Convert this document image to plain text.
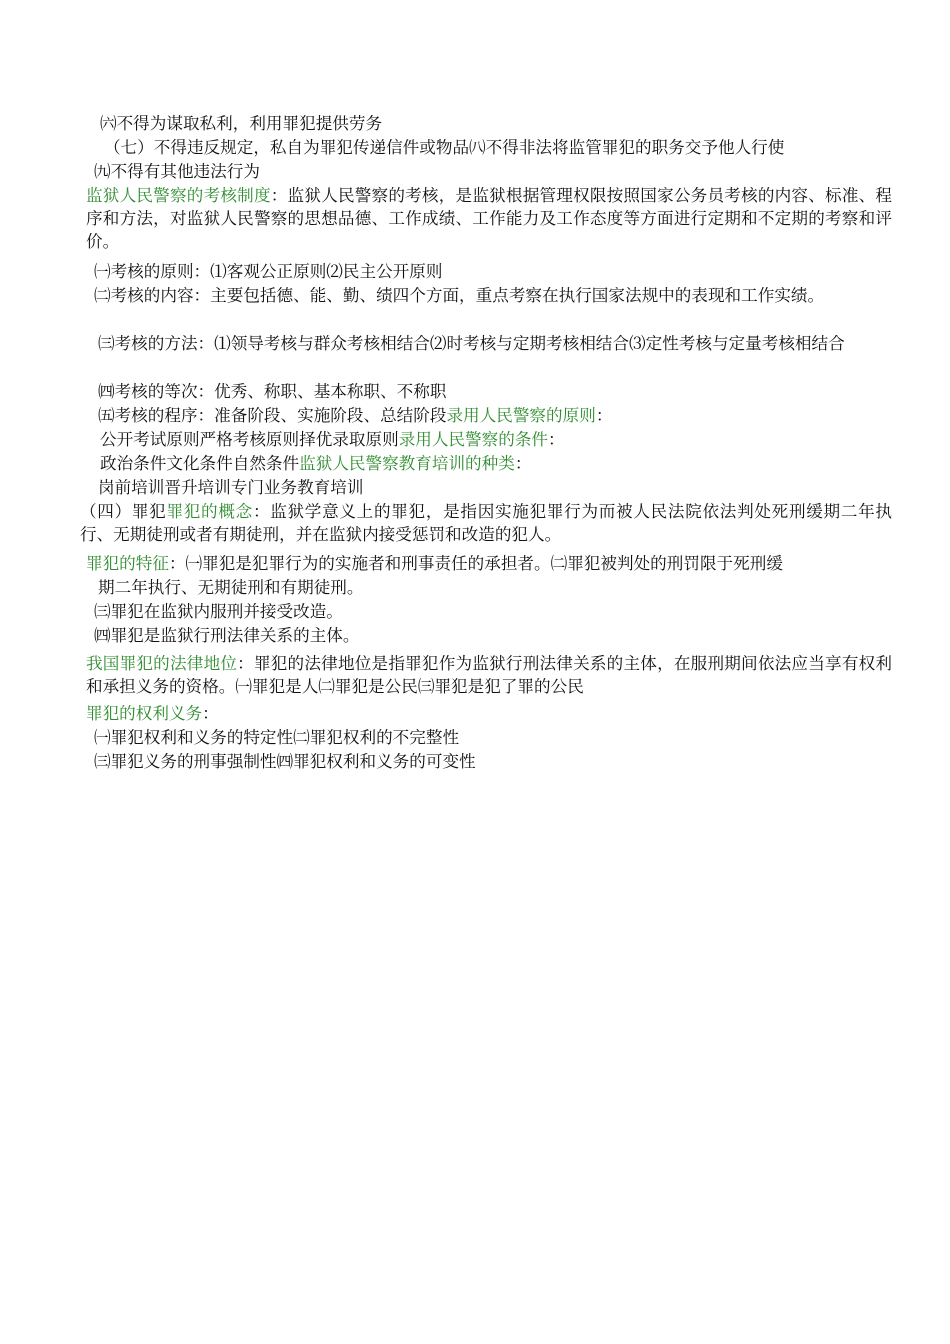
㈥不得为谋取私利，利用罪犯提供劳务
（七）不得违反规定，私自为罪犯传递信件或物品㈧不得非法将监管罪犯的职务交予他人行使
㈨不得有其他违法行为
监狱人民警察的考核制度：监狱人民警察的考核，是监狱根据管理权限按照国家公务员考核的内容、标准、程序和方法，对监狱人民警察的思想品德、工作成绩、工作能力及工作态度等方面进行定期和不定期的考察和评价。
㈠考核的原则：⑴客观公正原则⑵民主公开原则
㈡考核的内容：主要包括德、能、勤、绩四个方面，重点考察在执行国家法规中的表现和工作实绩。
㈢考核的方法：⑴领导考核与群众考核相结合⑵时考核与定期考核相结合⑶定性考核与定量考核相结合
㈣考核的等次：优秀、称职、基本称职、不称职
㈤考核的程序：准备阶段、实施阶段、总结阶段录用人民警察的原则：
公开考试原则严格考核原则择优录取原则录用人民警察的条件：
政治条件文化条件自然条件监狱人民警察教育培训的种类：
岗前培训晋升培训专门业务教育培训
（四）罪犯罪犯的概念：监狱学意义上的罪犯，是指因实施犯罪行为而被人民法院依法判处死刑缓期二年执行、无期徒刑或者有期徒刑，并在监狱内接受惩罚和改造的犯人。
罪犯的特征：㈠罪犯是犯罪行为的实施者和刑事责任的承担者。㈡罪犯被判处的刑罚限于死刑缓
期二年执行、无期徒刑和有期徒刑。
㈢罪犯在监狱内服刑并接受改造。
㈣罪犯是监狱行刑法律关系的主体。
我国罪犯的法律地位：罪犯的法律地位是指罪犯作为监狱行刑法律关系的主体，在服刑期间依法应当享有权利和承担义务的资格。㈠罪犯是人㈡罪犯是公民㈢罪犯是犯了罪的公民
罪犯的权利义务：
㈠罪犯权利和义务的特定性㈡罪犯权利的不完整性
㈢罪犯义务的刑事强制性㈣罪犯权利和义务的可变性
